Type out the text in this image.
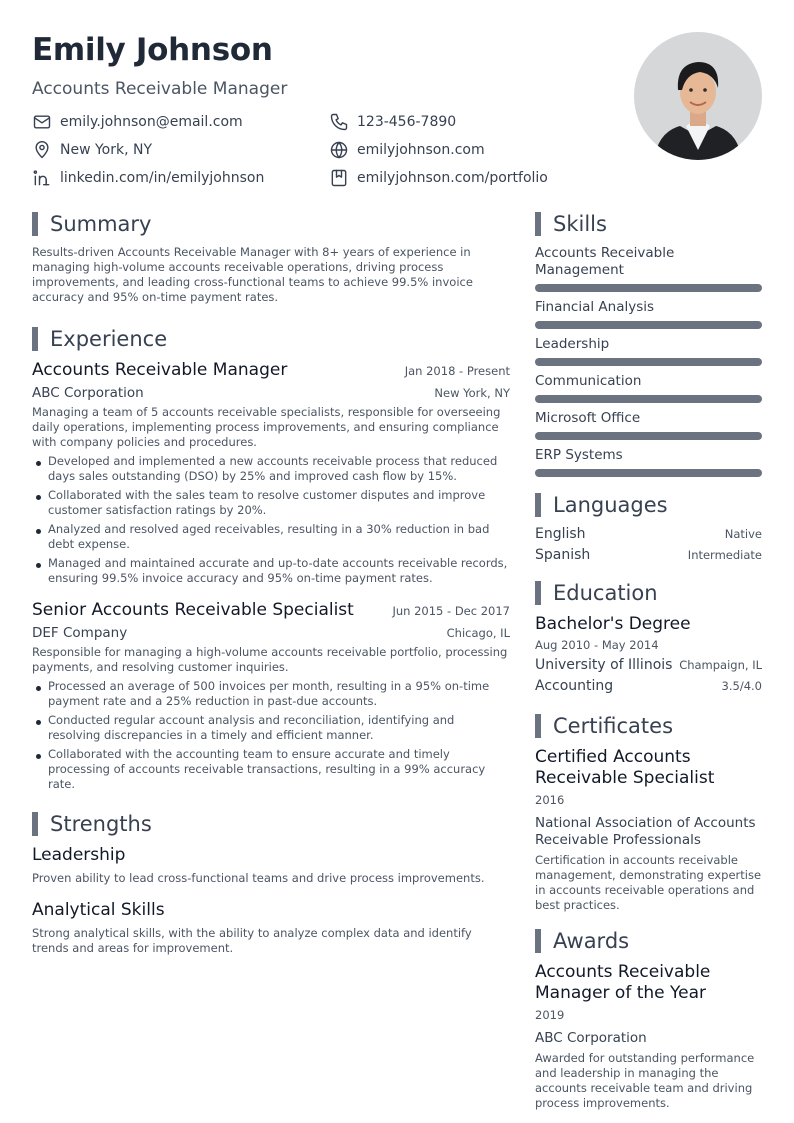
Emily Johnson
Accounts Receivable Manager
emily.johnson@email.com	123-456-7890
New York, NY	emilyjohnson.com
linkedin.com/in/emilyjohnson	emilyjohnson.com/portfolio
Summary
Results-driven Accounts Receivable Manager with 8+ years of experience in managing high-volume accounts receivable operations, driving process improvements, and leading cross-functional teams to achieve 99.5% invoice accuracy and 95% on-time payment rates.
Experience
Accounts Receivable Manager	Jan 2018 - Present
ABC Corporation	New York, NY
Managing a team of 5 accounts receivable specialists, responsible for overseeing daily operations, implementing process improvements, and ensuring compliance with company policies and procedures.
Developed and implemented a new accounts receivable process that reduced days sales outstanding (DSO) by 25% and improved cash flow by 15%.
Collaborated with the sales team to resolve customer disputes and improve customer satisfaction ratings by 20%.
Analyzed and resolved aged receivables, resulting in a 30% reduction in bad debt expense.
Managed and maintained accurate and up-to-date accounts receivable records, ensuring 99.5% invoice accuracy and 95% on-time payment rates.
Senior Accounts Receivable Specialist	Jun 2015 - Dec 2017
DEF Company	Chicago, IL
Responsible for managing a high-volume accounts receivable portfolio, processing payments, and resolving customer inquiries.
Processed an average of 500 invoices per month, resulting in a 95% on-time payment rate and a 25% reduction in past-due accounts.
Conducted regular account analysis and reconciliation, identifying and resolving discrepancies in a timely and efficient manner.
Collaborated with the accounting team to ensure accurate and timely processing of accounts receivable transactions, resulting in a 99% accuracy rate.
Strengths
Leadership
Proven ability to lead cross-functional teams and drive process improvements.
Analytical Skills
Strong analytical skills, with the ability to analyze complex data and identify trends and areas for improvement.
Skills
Accounts Receivable Management
Financial Analysis
Leadership
Communication
Microsoft Office
ERP Systems
Languages
English	Native
Spanish	Intermediate
Education
Bachelor's Degree
Aug 2010 - May 2014
University of Illinois Champaign, IL
Accounting	3.5/4.0
Certificates
Certified Accounts Receivable Specialist
2016
National Association of Accounts Receivable Professionals
Certification in accounts receivable management, demonstrating expertise in accounts receivable operations and best practices.
Awards
Accounts Receivable Manager of the Year
2019
ABC Corporation
Awarded for outstanding performance and leadership in managing the accounts receivable team and driving process improvements.
